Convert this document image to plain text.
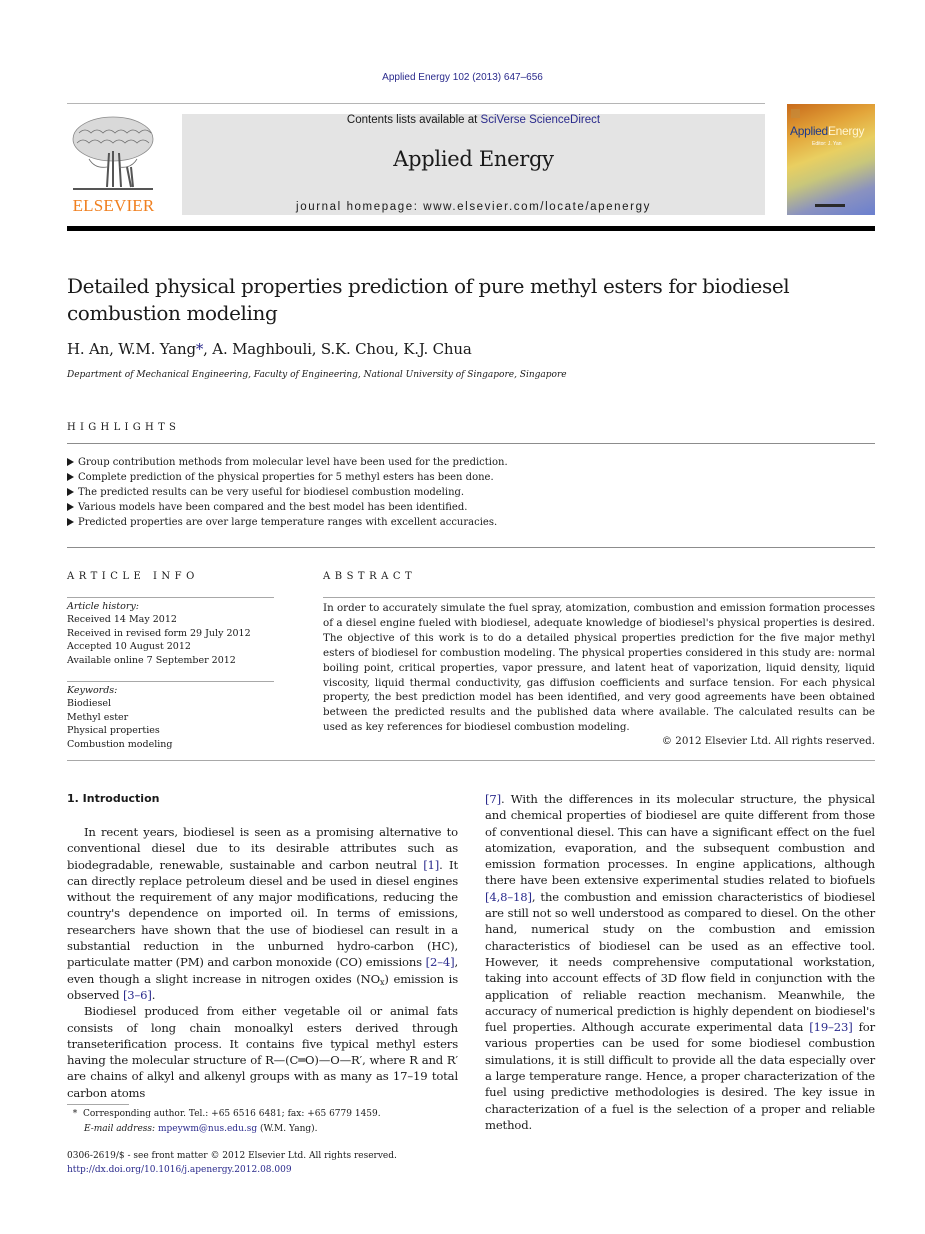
Applied Energy 102 (2013) 647–656
ELSEVIER
Contents lists available at SciVerse ScienceDirect
Applied Energy
journal homepage: www.elsevier.com/locate/apenergy
AppliedEnergy
Editor: J. Yan
Detailed physical properties prediction of pure methyl esters for biodiesel combustion modeling
H. An, W.M. Yang*, A. Maghbouli, S.K. Chou, K.J. Chua
Department of Mechanical Engineering, Faculty of Engineering, National University of Singapore, Singapore
HIGHLIGHTS
Group contribution methods from molecular level have been used for the prediction.
Complete prediction of the physical properties for 5 methyl esters has been done.
The predicted results can be very useful for biodiesel combustion modeling.
Various models have been compared and the best model has been identified.
Predicted properties are over large temperature ranges with excellent accuracies.
ARTICLE INFO
Article history:
Received 14 May 2012
Received in revised form 29 July 2012
Accepted 10 August 2012
Available online 7 September 2012
Keywords:
Biodiesel
Methyl ester
Physical properties
Combustion modeling
ABSTRACT
In order to accurately simulate the fuel spray, atomization, combustion and emission formation processes of a diesel engine fueled with biodiesel, adequate knowledge of biodiesel's physical properties is desired. The objective of this work is to do a detailed physical properties prediction for the five major methyl esters of biodiesel for combustion modeling. The physical properties considered in this study are: normal boiling point, critical properties, vapor pressure, and latent heat of vaporization, liquid density, liquid viscosity, liquid thermal conductivity, gas diffusion coefficients and surface tension. For each physical property, the best prediction model has been identified, and very good agreements have been obtained between the predicted results and the published data where available. The calculated results can be used as key references for biodiesel combustion modeling.
© 2012 Elsevier Ltd. All rights reserved.
1. Introduction

In recent years, biodiesel is seen as a promising alternative to conventional diesel due to its desirable attributes such as biodegradable, renewable, sustainable and carbon neutral [1]. It can directly replace petroleum diesel and be used in diesel engines without the requirement of any major modifications, reducing the country's dependence on imported oil. In terms of emissions, researchers have shown that the use of biodiesel can result in a substantial reduction in the unburned hydro-carbon (HC), particulate matter (PM) and carbon monoxide (CO) emissions [2–4], even though a slight increase in nitrogen oxides $(NO_x)$ emission is observed [3–6].

Biodiesel produced from either vegetable oil or animal fats consists of long chain monoalkyl esters derived through transeterification process. It contains five typical methyl esters having the molecular structure of R—(C═O)—O—R′, where R and R′ are chains of alkyl and alkenyl groups with as many as 17–19 total carbon atoms

[7]. With the differences in its molecular structure, the physical and chemical properties of biodiesel are quite different from those of conventional diesel. This can have a significant effect on the fuel atomization, evaporation, and the subsequent combustion and emission formation processes. In engine applications, although there have been extensive experimental studies related to biofuels [4,8–18], the combustion and emission characteristics of biodiesel are still not so well understood as compared to diesel. On the other hand, numerical study on the combustion and emission characteristics of biodiesel can be used as an effective tool. However, it needs comprehensive computational workstation, taking into account effects of 3D flow field in conjunction with the application of reliable reaction mechanism. Meanwhile, the accuracy of numerical prediction is highly dependent on biodiesel's fuel properties. Although accurate experimental data [19–23] for various properties can be used for some biodiesel combustion simulations, it is still difficult to provide all the data especially over a large temperature range. Hence, a proper characterization of the fuel using predictive methodologies is desired. The key issue in characterization of a fuel is the selection of a proper and reliable method.

* Corresponding author. Tel.: +65 6516 6481; fax: +65 6779 1459.
E-mail address: mpeywm@nus.edu.sg (W.M. Yang).
0306-2619/$ - see front matter © 2012 Elsevier Ltd. All rights reserved.
http://dx.doi.org/10.1016/j.apenergy.2012.08.009
